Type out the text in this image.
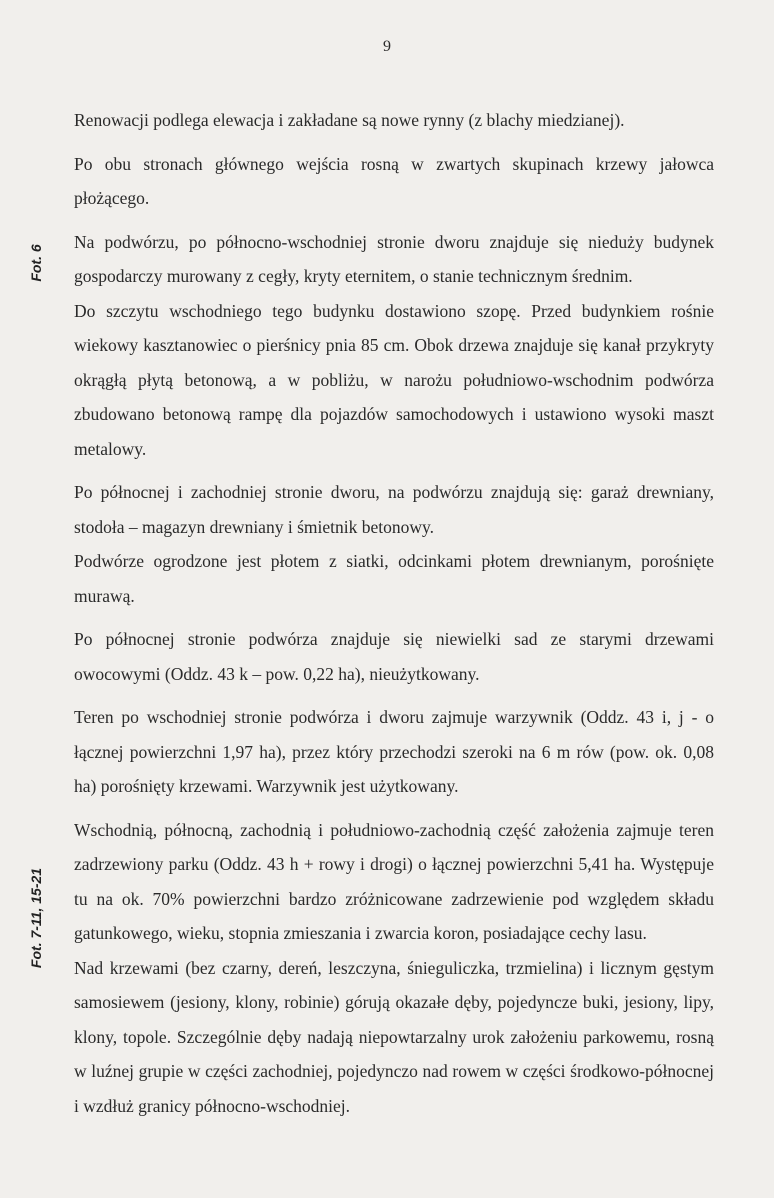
9
Fot. 6
Fot. 7-11, 15-21

Renowacji podlega elewacja i zakładane są nowe rynny (z blachy miedzianej).

Po obu stronach głównego wejścia rosną w zwartych skupinach krzewy jałowca płożącego.

Na podwórzu, po północno-wschodniej stronie dworu znajduje się nieduży budynek gospodarczy murowany z cegły, kryty eternitem, o stanie technicznym średnim.

Do szczytu wschodniego tego budynku dostawiono szopę. Przed budynkiem rośnie wiekowy kasztanowiec o pierśnicy pnia 85 cm. Obok drzewa znajduje się kanał przykryty okrągłą płytą betonową, a w pobliżu, w narożu południowo-wschodnim podwórza zbudowano betonową rampę dla pojazdów samochodowych i ustawiono wysoki maszt metalowy.

Po północnej i zachodniej stronie dworu, na podwórzu znajdują się: garaż drewniany, stodoła – magazyn drewniany i śmietnik betonowy.

Podwórze ogrodzone jest płotem z siatki, odcinkami płotem drewnianym, porośnięte murawą.

Po północnej stronie podwórza znajduje się niewielki sad ze starymi drzewami owocowymi (Oddz. 43 k – pow. 0,22 ha), nieużytkowany.

Teren po wschodniej stronie podwórza i dworu zajmuje warzywnik (Oddz. 43 i, j - o łącznej powierzchni 1,97 ha), przez który przechodzi szeroki na 6 m rów (pow. ok. 0,08 ha) porośnięty krzewami. Warzywnik jest użytkowany.

Wschodnią, północną, zachodnią i południowo-zachodnią część założenia zajmuje teren zadrzewiony parku (Oddz. 43 h + rowy i drogi) o łącznej powierzchni 5,41 ha. Występuje tu na ok. 70% powierzchni bardzo zróżnicowane zadrzewienie pod względem składu gatunkowego, wieku, stopnia zmieszania i zwarcia koron, posiadające cechy lasu.

Nad krzewami (bez czarny, dereń, leszczyna, śnieguliczka, trzmielina) i licznym gęstym samosiewem (jesiony, klony, robinie) górują okazałe dęby, pojedyncze buki, jesiony, lipy, klony, topole. Szczególnie dęby nadają niepowtarzalny urok założeniu parkowemu, rosną w luźnej grupie w części zachodniej, pojedynczo nad rowem w części środkowo-północnej i wzdłuż granicy północno-wschodniej.
